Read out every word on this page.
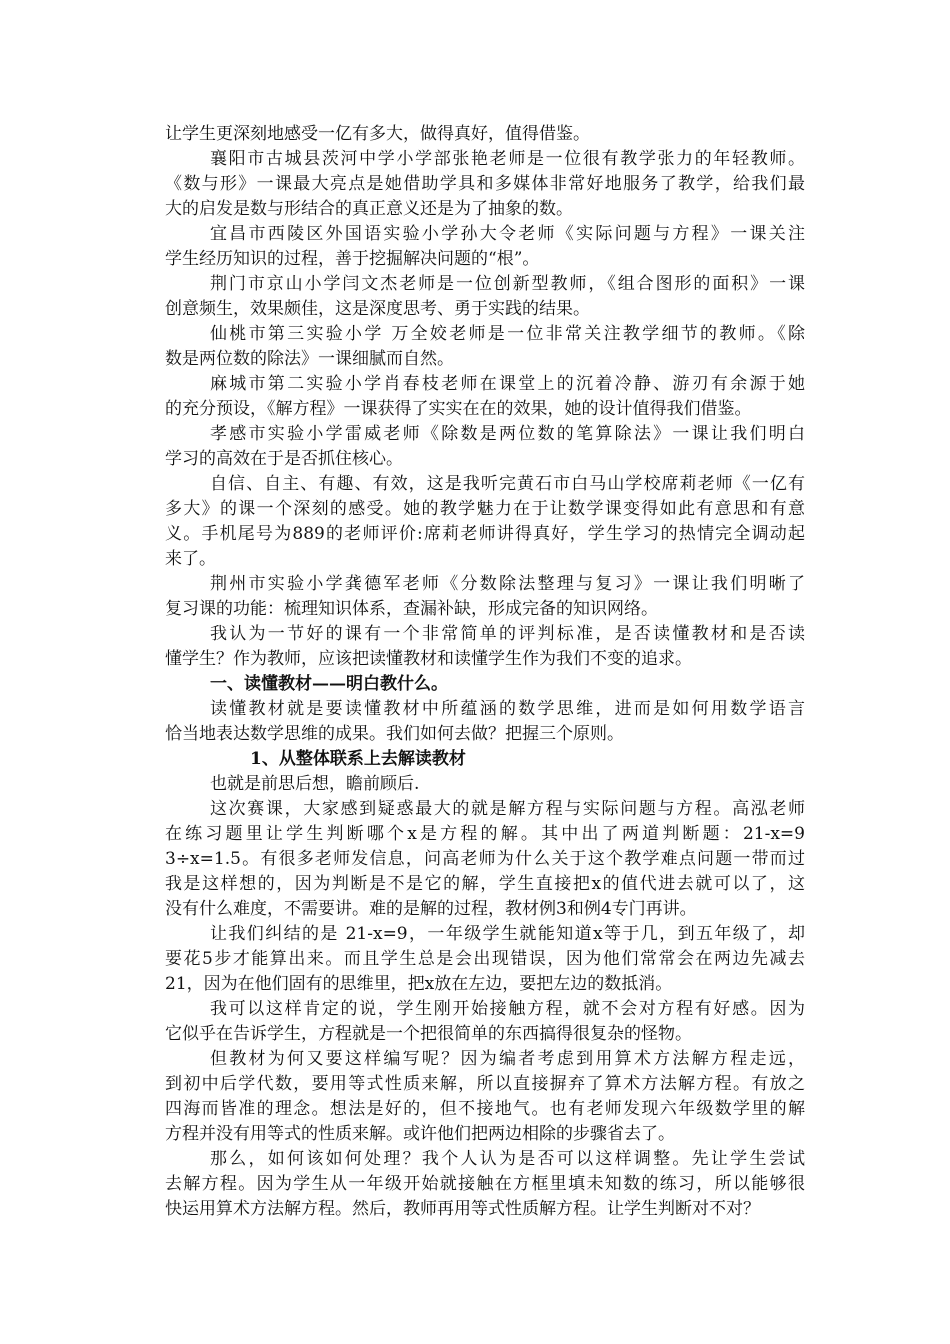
让学生更深刻地感受一亿有多大，做得真好，值得借鉴。
襄阳市古城县茨河中学小学部张艳老师是一位很有教学张力的年轻教师。
《数与形》一课最大亮点是她借助学具和多媒体非常好地服务了教学，给我们最
大的启发是数与形结合的真正意义还是为了抽象的数。
宜昌市西陵区外国语实验小学孙大令老师《实际问题与方程》一课关注
学生经历知识的过程，善于挖掘解决问题的“根”。
荆门市京山小学闫文杰老师是一位创新型教师，《组合图形的面积》一课
创意频生，效果颇佳，这是深度思考、勇于实践的结果。
仙桃市第三实验小学 万全姣老师是一位非常关注教学细节的教师。《除
数是两位数的除法》一课细腻而自然。
麻城市第二实验小学肖春枝老师在课堂上的沉着冷静、游刃有余源于她
的充分预设，《解方程》一课获得了实实在在的效果，她的设计值得我们借鉴。
孝感市实验小学雷威老师《除数是两位数的笔算除法》一课让我们明白
学习的高效在于是否抓住核心。
自信、自主、有趣、有效，这是我听完黄石市白马山学校席莉老师《一亿有
多大》的课一个深刻的感受。她的教学魅力在于让数学课变得如此有意思和有意
义。手机尾号为889的老师评价:席莉老师讲得真好，学生学习的热情完全调动起
来了。
荆州市实验小学龚德军老师《分数除法整理与复习》一课让我们明晰了
复习课的功能：梳理知识体系，查漏补缺，形成完备的知识网络。
我认为一节好的课有一个非常简单的评判标准，是否读懂教材和是否读
懂学生？作为教师，应该把读懂教材和读懂学生作为我们不变的追求。
一、读懂教材——明白教什么。
读懂教材就是要读懂教材中所蕴涵的数学思维，进而是如何用数学语言
恰当地表达数学思维的成果。我们如何去做？把握三个原则。
1、从整体联系上去解读教材
也就是前思后想，瞻前顾后.
这次赛课，大家感到疑惑最大的就是解方程与实际问题与方程。高泓老师
在练习题里让学生判断哪个x是方程的解。其中出了两道判断题：21-x=9
3÷x=1.5。有很多老师发信息，问高老师为什么关于这个教学难点问题一带而过
我是这样想的，因为判断是不是它的解，学生直接把x的值代进去就可以了，这
没有什么难度，不需要讲。难的是解的过程，教材例3和例4专门再讲。
让我们纠结的是 21-x=9，一年级学生就能知道x等于几，到五年级了，却
要花5步才能算出来。而且学生总是会出现错误，因为他们常常会在两边先减去
21，因为在他们固有的思维里，把x放在左边，要把左边的数抵消。
我可以这样肯定的说，学生刚开始接触方程，就不会对方程有好感。因为
它似乎在告诉学生，方程就是一个把很简单的东西搞得很复杂的怪物。
但教材为何又要这样编写呢？因为编者考虑到用算术方法解方程走远，
到初中后学代数，要用等式性质来解，所以直接摒弃了算术方法解方程。有放之
四海而皆准的理念。想法是好的，但不接地气。也有老师发现六年级数学里的解
方程并没有用等式的性质来解。或许他们把两边相除的步骤省去了。
那么，如何该如何处理？我个人认为是否可以这样调整。先让学生尝试
去解方程。因为学生从一年级开始就接触在方框里填未知数的练习，所以能够很
快运用算术方法解方程。然后，教师再用等式性质解方程。让学生判断对不对？
